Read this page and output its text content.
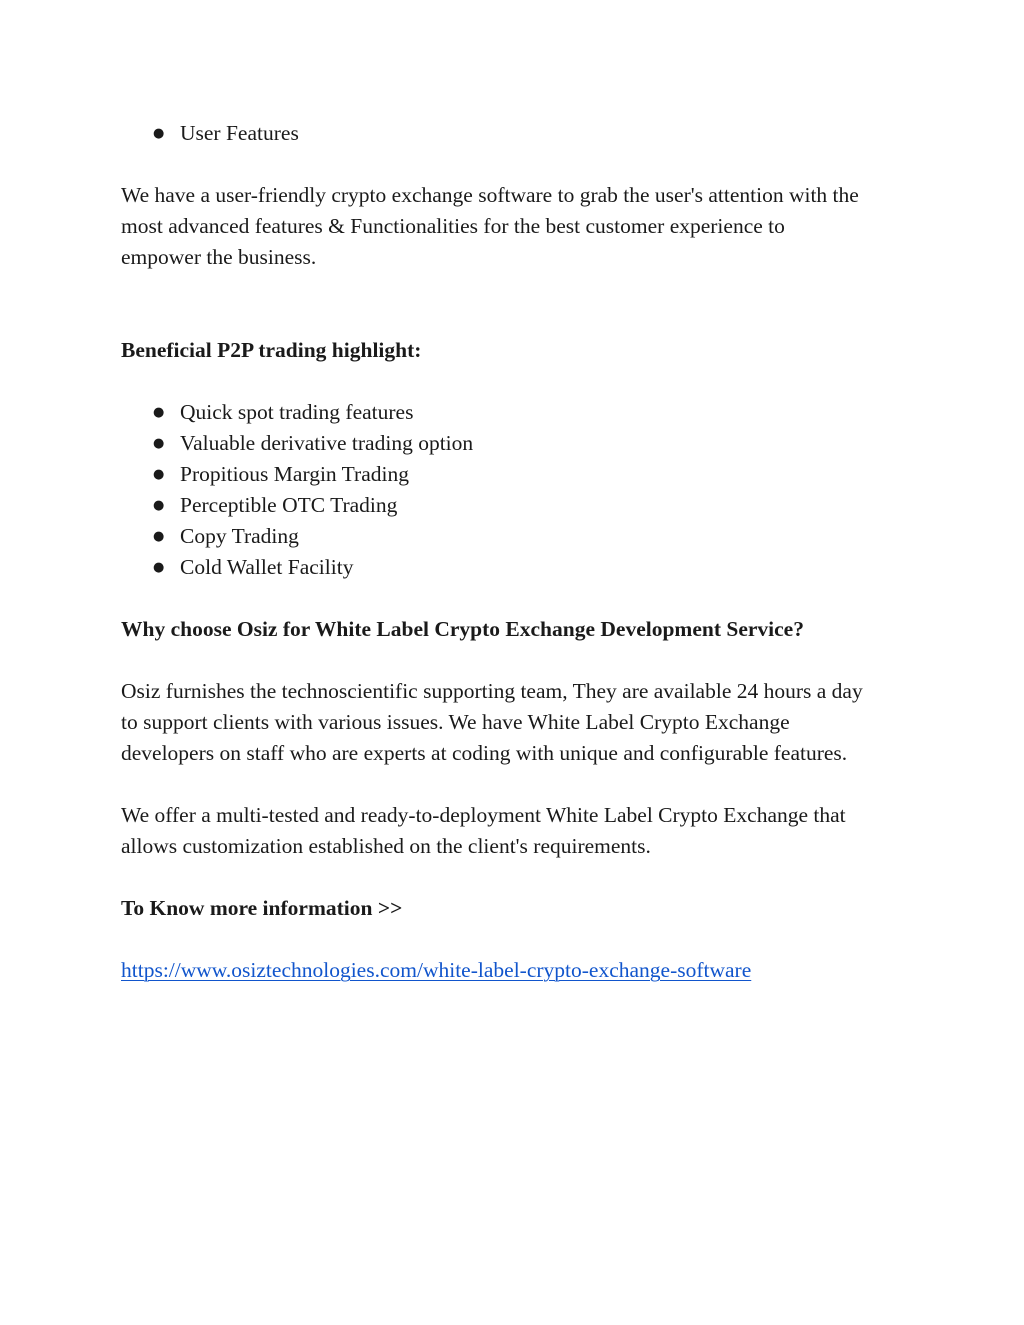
● User Features

We have a user-friendly crypto exchange software to grab the user's attention with the most advanced features & Functionalities for the best customer experience to empower the business.

Beneficial P2P trading highlight:

● Quick spot trading features
● Valuable derivative trading option
● Propitious Margin Trading
● Perceptible OTC Trading
● Copy Trading
● Cold Wallet Facility

Why choose Osiz for White Label Crypto Exchange Development Service?

Osiz furnishes the technoscientific supporting team, They are available 24 hours a day to support clients with various issues. We have White Label Crypto Exchange developers on staff who are experts at coding with unique and configurable features.

We offer a multi-tested and ready-to-deployment White Label Crypto Exchange that allows customization established on the client's requirements.

To Know more information >>

https://www.osiztechnologies.com/white-label-crypto-exchange-software
